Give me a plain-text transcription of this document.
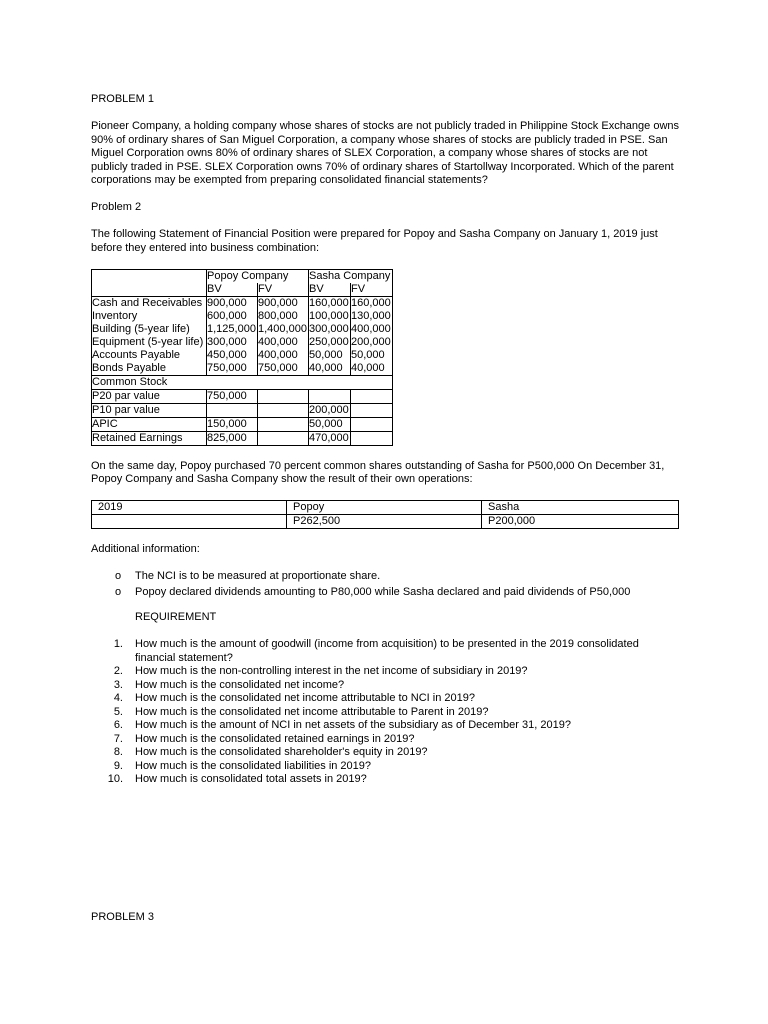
PROBLEM 1

Pioneer Company, a holding company whose shares of stocks are not publicly traded in Philippine Stock Exchange owns 90% of ordinary shares of San Miguel Corporation, a company whose shares of stocks are publicly traded in PSE. San Miguel Corporation owns 80% of ordinary shares of SLEX Corporation, a company whose shares of stocks are not publicly traded in PSE. SLEX Corporation owns 70% of ordinary shares of Startollway Incorporated. Which of the parent corporations may be exempted from preparing consolidated financial statements?

Problem 2

The following Statement of Financial Position were prepared for Popoy and Sasha Company on January 1, 2019 just before they entered into business combination:

	Popoy Company		Sasha Company	
	BV	FV	BV	FV
Cash and Receivables	900,000	900,000	160,000	160,000
Inventory	600,000	800,000	100,000	130,000
Building (5-year life)	1,125,000	1,400,000	300,000	400,000
Equipment (5-year life)	300,000	400,000	250,000	200,000
Accounts Payable	450,000	400,000	50,000	50,000
Bonds Payable	750,000	750,000	40,000	40,000
Common Stock				
P20 par value	750,000			
P10 par value			200,000	
APIC	150,000		50,000	
Retained Earnings	825,000		470,000	

On the same day, Popoy purchased 70 percent common shares outstanding of Sasha for P500,000 On December 31, Popoy Company and Sasha Company show the result of their own operations:

2019	Popoy	Sasha
	P262,500	P200,000

Additional information:

o The NCI is to be measured at proportionate share.
o Popoy declared dividends amounting to P80,000 while Sasha declared and paid dividends of P50,000

REQUIREMENT

1. How much is the amount of goodwill (income from acquisition) to be presented in the 2019 consolidated financial statement?
2. How much is the non-controlling interest in the net income of subsidiary in 2019?
3. How much is the consolidated net income?
4. How much is the consolidated net income attributable to NCI in 2019?
5. How much is the consolidated net income attributable to Parent in 2019?
6. How much is the amount of NCI in net assets of the subsidiary as of December 31, 2019?
7. How much is the consolidated retained earnings in 2019?
8. How much is the consolidated shareholder's equity in 2019?
9. How much is the consolidated liabilities in 2019?
10. How much is consolidated total assets in 2019?

PROBLEM 3
